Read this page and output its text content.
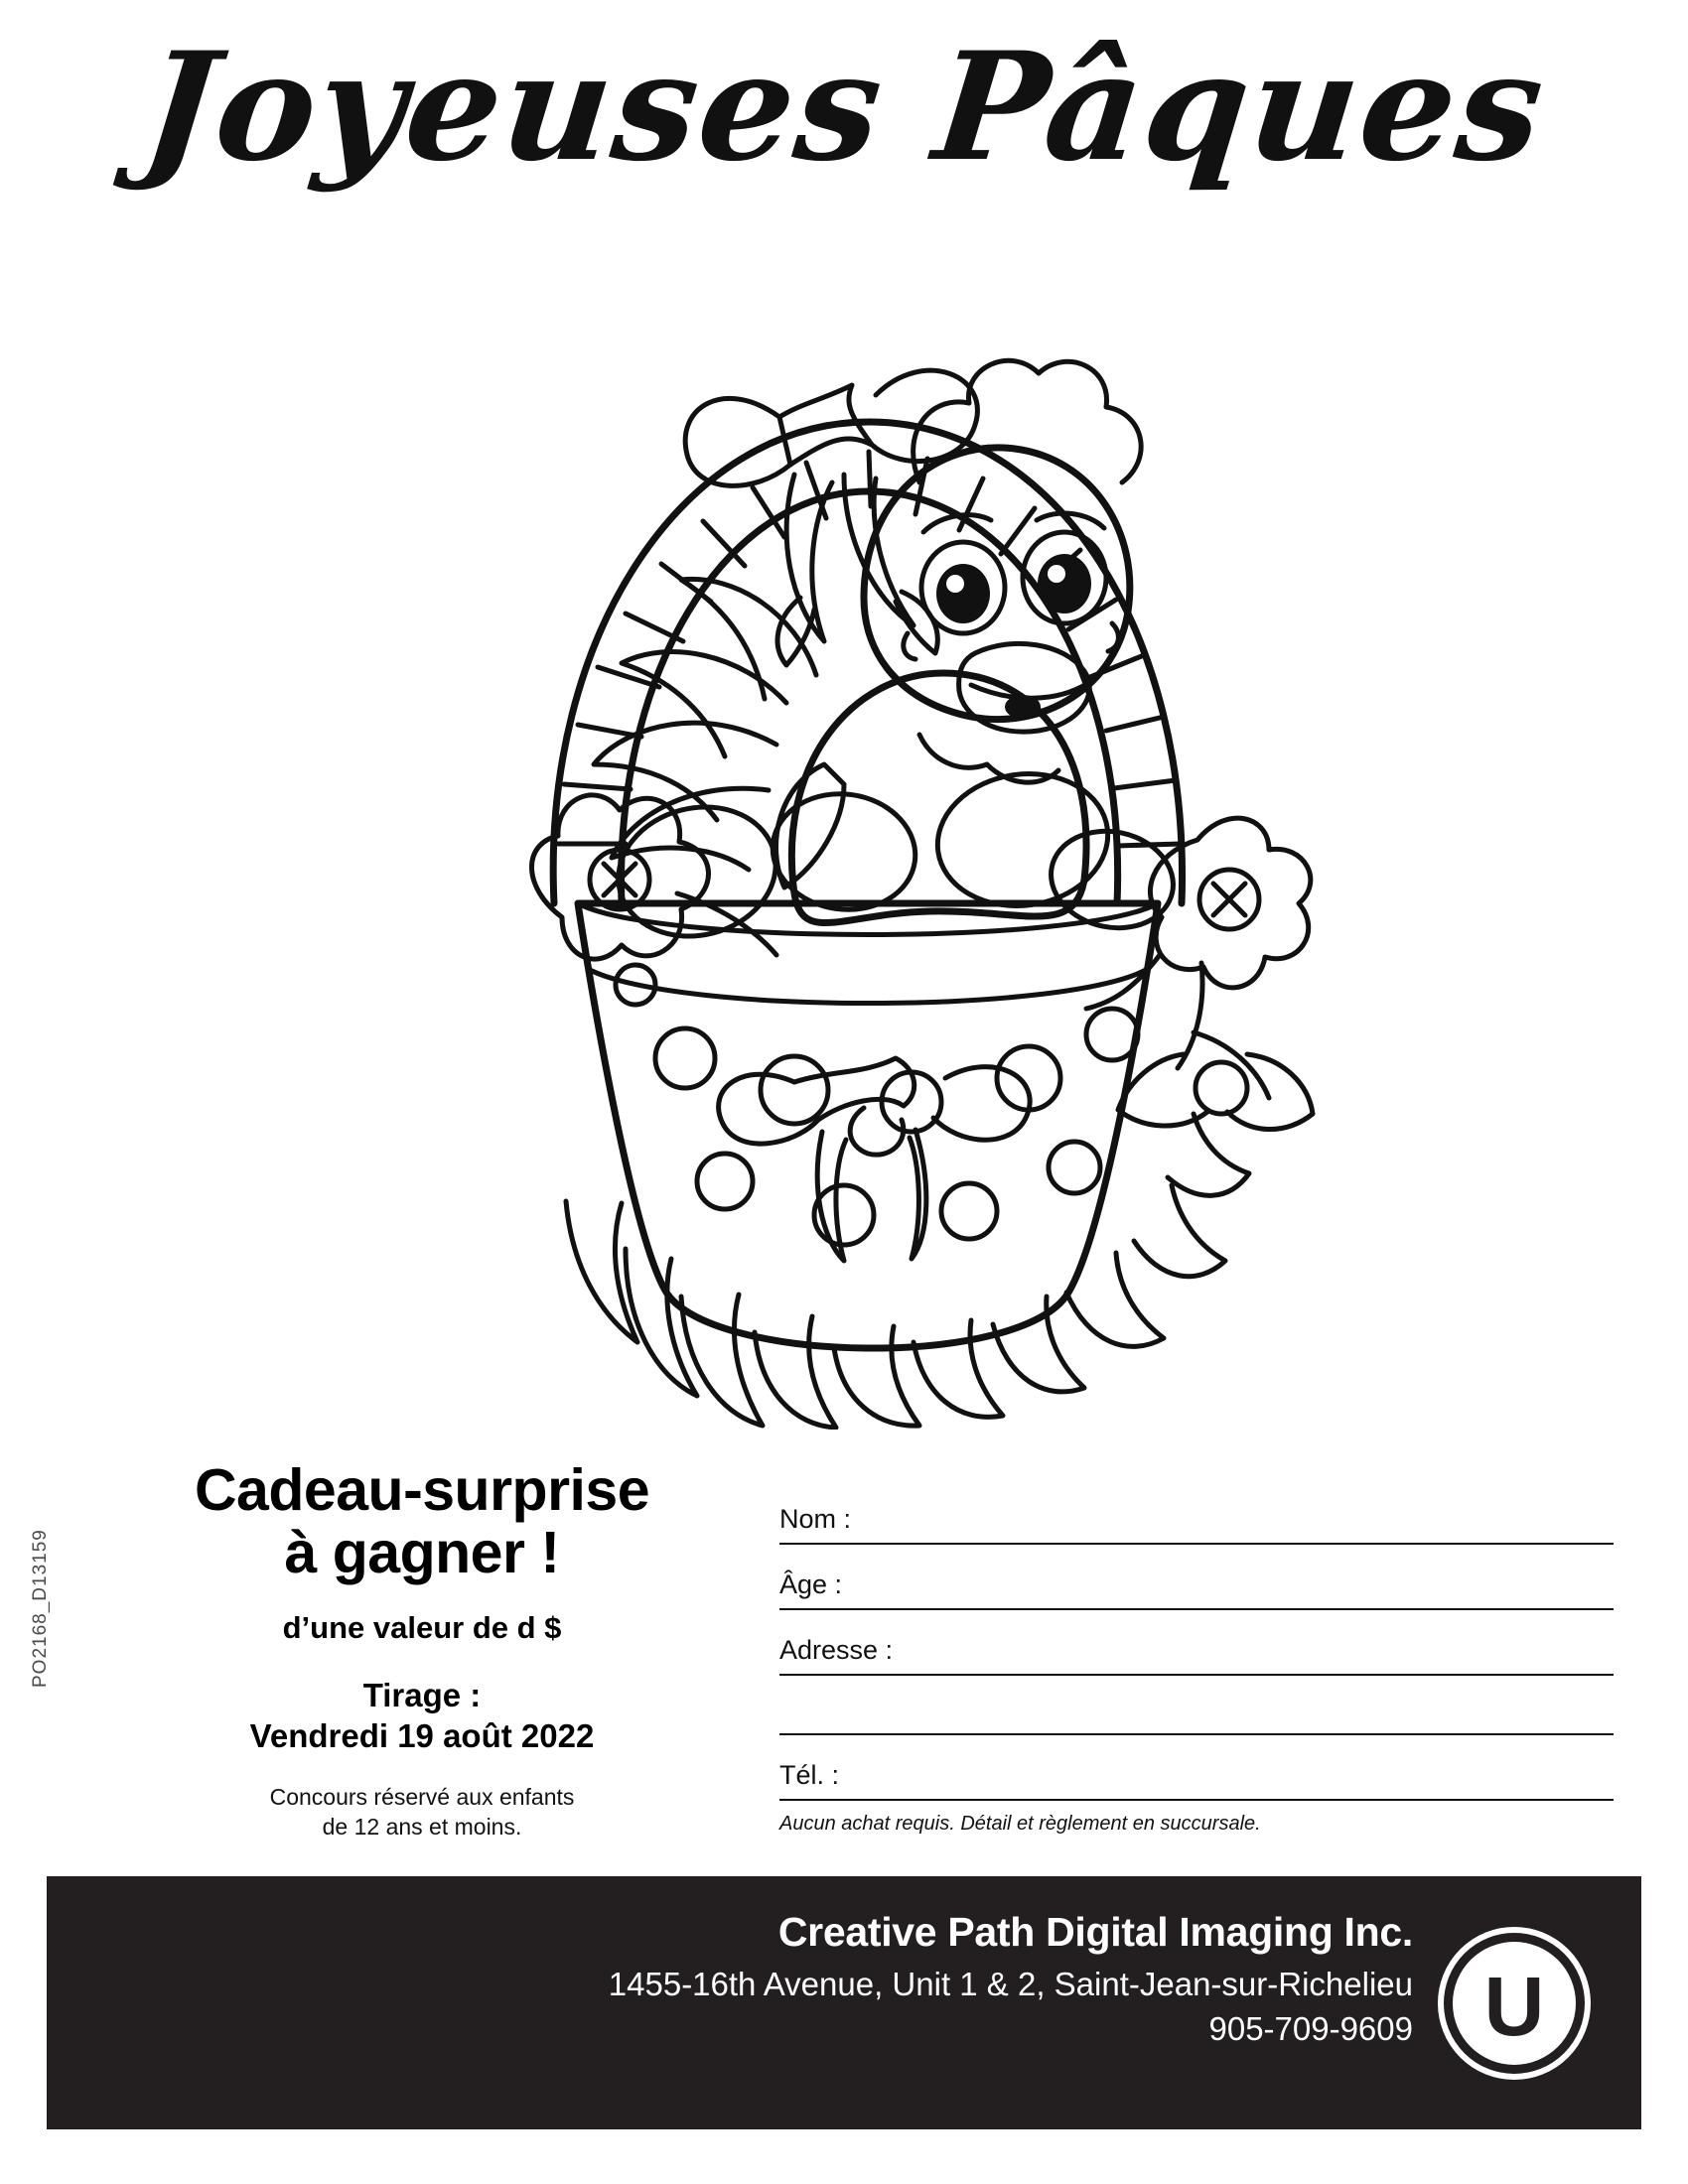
Joyeuses Pâques
PO2168_D13159
Cadeau-surprise
à gagner !
d’une valeur de d $
Tirage :
Vendredi 19 août 2022
Concours réservé aux enfants
de 12 ans et moins.
Nom :
Âge :
Adresse :
Tél. :
Aucun achat requis. Détail et règlement en succursale.
Creative Path Digital Imaging Inc.
1455-16th Avenue, Unit 1 & 2, Saint-Jean-sur-Richelieu
905-709-9609 U
